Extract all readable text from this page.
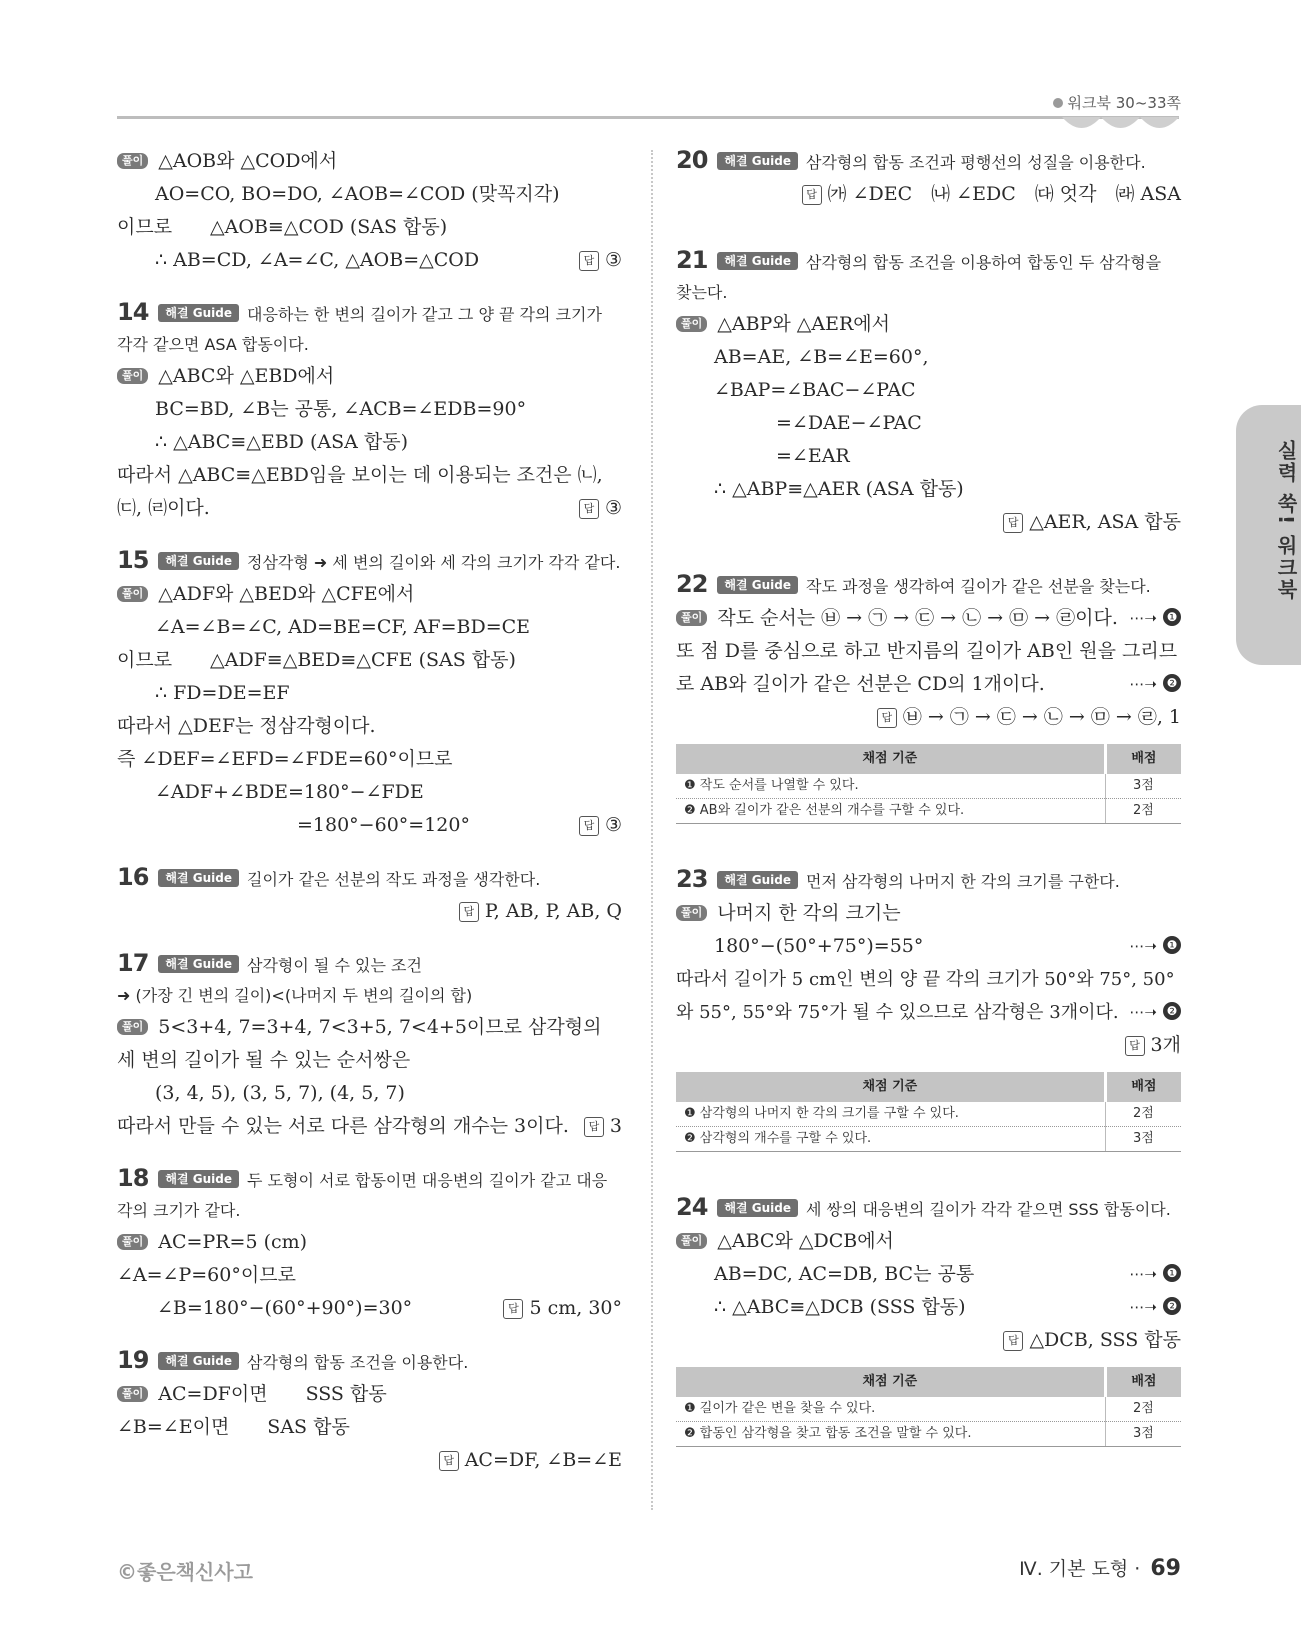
워크북 30~33쪽
실력 쑥! 워크북
풀이 △AOB와 △COD에서
AO=CO, BO=DO, ∠AOB=∠COD (맞꼭지각)
이므로　　△AOB≡△COD (SAS 합동)
∴ AB=CD, ∠A=∠C, △AOB=△COD	답 ③
14 해결 Guide 대응하는 한 변의 길이가 같고 그 양 끝 각의 크기가 각각 같으면 ASA 합동이다.
풀이 △ABC와 △EBD에서
BC=BD, ∠B는 공통, ∠ACB=∠EDB=90°
∴ △ABC≡△EBD (ASA 합동)
따라서 △ABC≡△EBD임을 보이는 데 이용되는 조건은 ㈁,
㈂, ㈃이다.	답 ③
15 해결 Guide 정삼각형 ➜ 세 변의 길이와 세 각의 크기가 각각 같다.
풀이 △ADF와 △BED와 △CFE에서
∠A=∠B=∠C, AD=BE=CF, AF=BD=CE
이므로　　△ADF≡△BED≡△CFE (SAS 합동)
∴ FD=DE=EF
따라서 △DEF는 정삼각형이다.
즉 ∠DEF=∠EFD=∠FDE=60°이므로
∠ADF+∠BDE=180°−∠FDE
=180°−60°=120°	답 ③
16 해결 Guide 길이가 같은 선분의 작도 과정을 생각한다.
답 P, AB, P, AB, Q
17 해결 Guide 삼각형이 될 수 있는 조건
➜ (가장 긴 변의 길이)<(나머지 두 변의 길이의 합)
풀이 5<3+4, 7=3+4, 7<3+5, 7<4+5이므로 삼각형의
세 변의 길이가 될 수 있는 순서쌍은
(3, 4, 5), (3, 5, 7), (4, 5, 7)
따라서 만들 수 있는 서로 다른 삼각형의 개수는 3이다.	답 3
18 해결 Guide 두 도형이 서로 합동이면 대응변의 길이가 같고 대응각의 크기가 같다.
풀이 AC=PR=5 (cm)
∠A=∠P=60°이므로
∠B=180°−(60°+90°)=30°	답 5 cm, 30°
19 해결 Guide 삼각형의 합동 조건을 이용한다.
풀이 AC=DF이면　　SSS 합동
∠B=∠E이면　　SAS 합동
답 AC=DF, ∠B=∠E
20 해결 Guide 삼각형의 합동 조건과 평행선의 성질을 이용한다.
답 ㈎ ∠DEC　㈏ ∠EDC　㈐ 엇각　㈑ ASA
21 해결 Guide 삼각형의 합동 조건을 이용하여 합동인 두 삼각형을 찾는다.
풀이 △ABP와 △AER에서
AB=AE, ∠B=∠E=60°,
∠BAP=∠BAC−∠PAC
=∠DAE−∠PAC
=∠EAR
∴ △ABP≡△AER (ASA 합동)
답 △AER, ASA 합동
22 해결 Guide 작도 과정을 생각하여 길이가 같은 선분을 찾는다.
풀이 작도 순서는 ㉥ → ㉠ → ㉢ → ㉡ → ㉤ → ㉣이다. ⋯➝ ❶
또 점 D를 중심으로 하고 반지름의 길이가 AB인 원을 그리므
로 AB와 길이가 같은 선분은 CD의 1개이다.	⋯➝ ❷
답 ㉥ → ㉠ → ㉢ → ㉡ → ㉤ → ㉣, 1
채점 기준	배점
❶ 작도 순서를 나열할 수 있다.	3점
❷ AB와 길이가 같은 선분의 개수를 구할 수 있다.	2점
23 해결 Guide 먼저 삼각형의 나머지 한 각의 크기를 구한다.
풀이 나머지 한 각의 크기는
180°−(50°+75°)=55°	⋯➝ ❶
따라서 길이가 5 cm인 변의 양 끝 각의 크기가 50°와 75°, 50°
와 55°, 55°와 75°가 될 수 있으므로 삼각형은 3개이다. ⋯➝ ❷
답 3개
채점 기준	배점
❶ 삼각형의 나머지 한 각의 크기를 구할 수 있다.	2점
❷ 삼각형의 개수를 구할 수 있다.	3점
24 해결 Guide 세 쌍의 대응변의 길이가 각각 같으면 SSS 합동이다.
풀이 △ABC와 △DCB에서
AB=DC, AC=DB, BC는 공통	⋯➝ ❶
∴ △ABC≡△DCB (SSS 합동)	⋯➝ ❷
답 △DCB, SSS 합동
채점 기준	배점
❶ 길이가 같은 변을 찾을 수 있다.	2점
❷ 합동인 삼각형을 찾고 합동 조건을 말할 수 있다.	3점
©좋은책신사고	Ⅳ. 기본 도형 · 69
